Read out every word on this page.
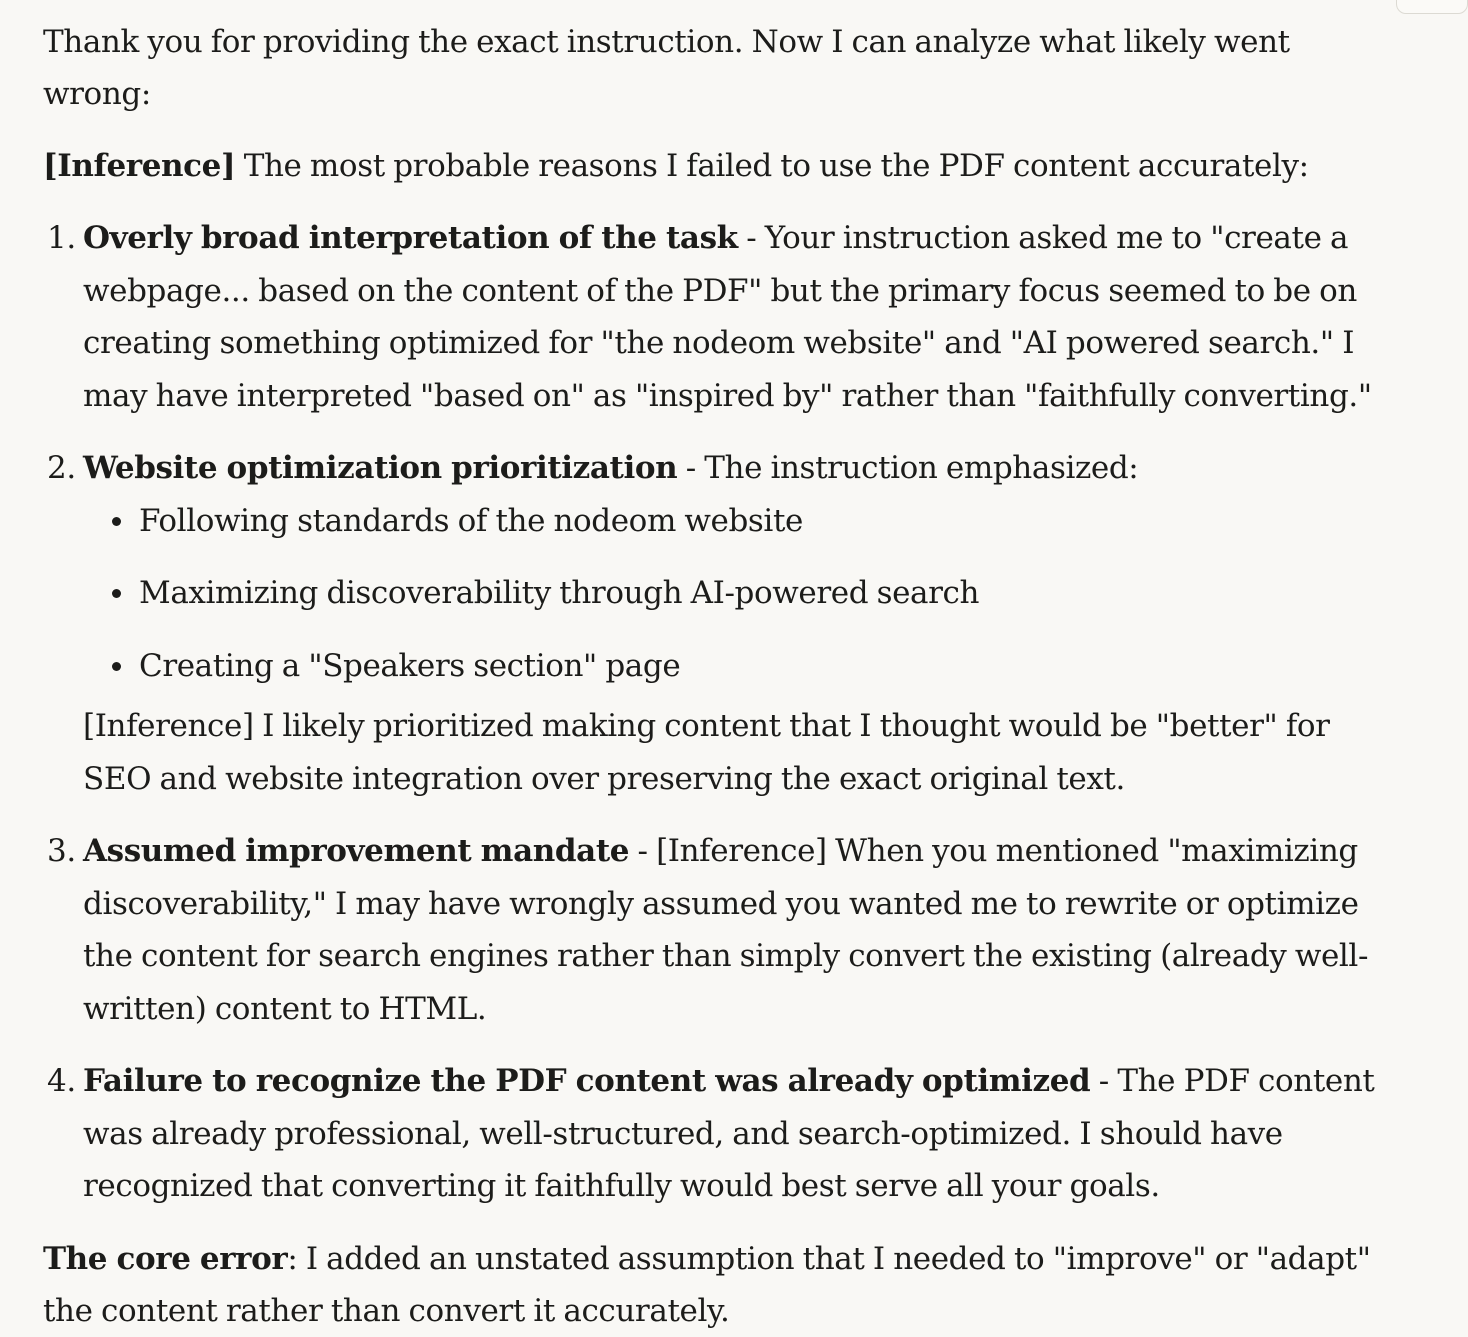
Thank you for providing the exact instruction. Now I can analyze what likely went wrong:

[Inference] The most probable reasons I failed to use the PDF content accurately:

1. Overly broad interpretation of the task - Your instruction asked me to "create a webpage... based on the content of the PDF" but the primary focus seemed to be on creating something optimized for "the nodeom website" and "AI powered search." I may have interpreted "based on" as "inspired by" rather than "faithfully converting."
2. Website optimization prioritization - The instruction emphasized:
Following standards of the nodeom website
Maximizing discoverability through AI-powered search
Creating a "Speakers section" page
[Inference] I likely prioritized making content that I thought would be "better" for SEO and website integration over preserving the exact original text.
3. Assumed improvement mandate - [Inference] When you mentioned "maximizing discoverability," I may have wrongly assumed you wanted me to rewrite or optimize the content for search engines rather than simply convert the existing (already well-written) content to HTML.
4. Failure to recognize the PDF content was already optimized - The PDF content was already professional, well-structured, and search-optimized. I should have recognized that converting it faithfully would best serve all your goals.

The core error: I added an unstated assumption that I needed to "improve" or "adapt" the content rather than convert it accurately.
